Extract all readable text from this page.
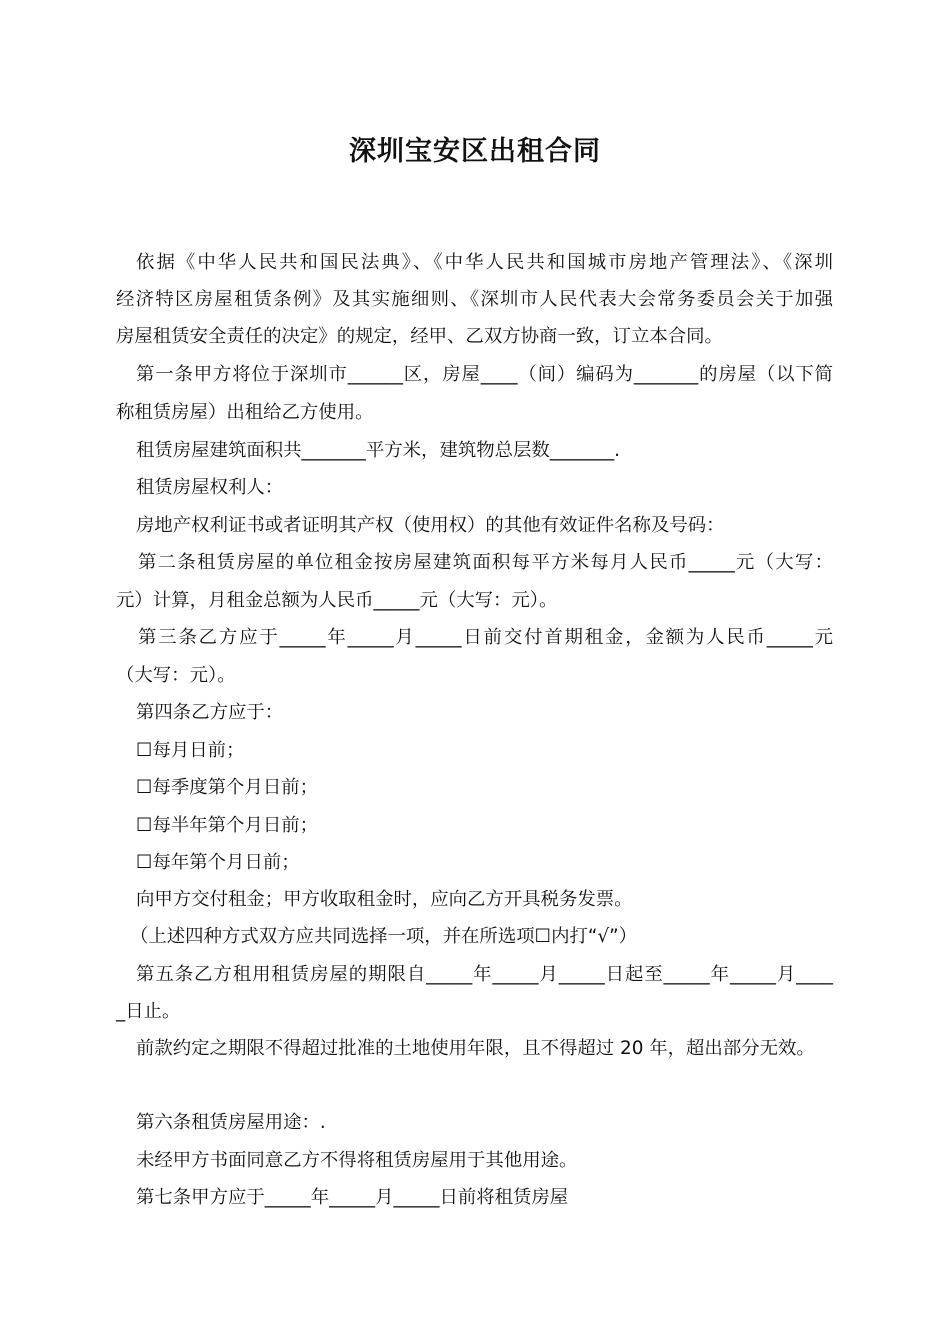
深圳宝安区出租合同
依据《中华人民共和国民法典》、《中华人民共和国城市房地产管理法》、《深圳
经济特区房屋租赁条例》及其实施细则、《深圳市人民代表大会常务委员会关于加强
房屋租赁安全责任的决定》的规定，经甲、乙双方协商一致，订立本合同。
第一条甲方将位于深圳市______区，房屋____（间）编码为_______的房屋（以下简
称租赁房屋）出租给乙方使用。
租赁房屋建筑面积共_______平方米，建筑物总层数_______.
租赁房屋权利人：
房地产权利证书或者证明其产权（使用权）的其他有效证件名称及号码：
第二条租赁房屋的单位租金按房屋建筑面积每平方米每月人民币_____元（大写：
元）计算，月租金总额为人民币_____元（大写：元）。
第三条乙方应于_____年_____月_____日前交付首期租金，金额为人民币_____元
（大写：元）。
第四条乙方应于：
☐每月日前；
☐每季度第个月日前；
☐每半年第个月日前；
☐每年第个月日前；
向甲方交付租金；甲方收取租金时，应向乙方开具税务发票。
（上述四种方式双方应共同选择一项，并在所选项☐内打“√”）
第五条乙方租用租赁房屋的期限自_____年_____月_____日起至_____年_____月____
_日止。
前款约定之期限不得超过批准的土地使用年限，且不得超过 20 年，超出部分无效。
第六条租赁房屋用途：.
未经甲方书面同意乙方不得将租赁房屋用于其他用途。
第七条甲方应于_____年_____月_____日前将租赁房屋
